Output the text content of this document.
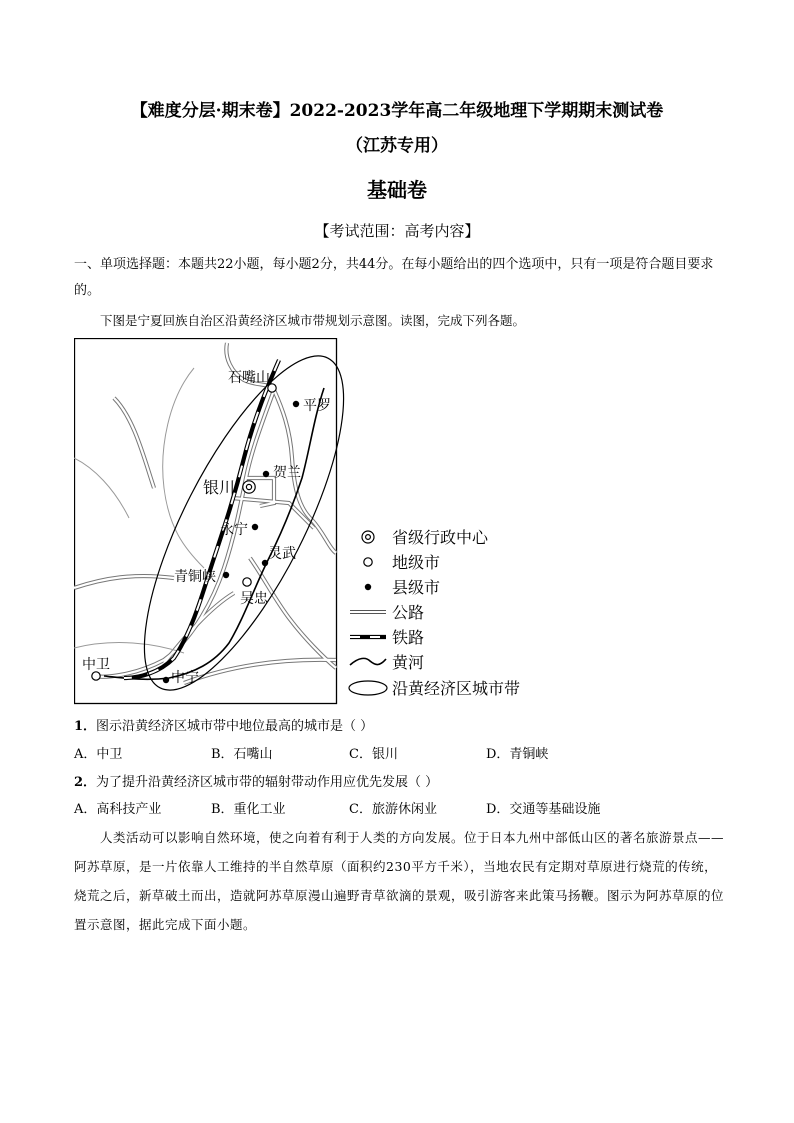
【难度分层·期末卷】2022-2023学年高二年级地理下学期期末测试卷
（江苏专用）
基础卷
【考试范围：高考内容】
一、单项选择题：本题共22小题，每小题2分，共44分。在每小题给出的四个选项中，只有一项是符合题目要求的。
下图是宁夏回族自治区沿黄经济区城市带规划示意图。读图，完成下列各题。
石嘴山
平罗
贺兰
银川
永宁
灵武
青铜峡
吴忠
中卫
中宁
省级行政中心
地级市
县级市
公路
铁路
黄河
沿黄经济区城市带
1．图示沿黄经济区城市带中地位最高的城市是（ ）
A．中卫	B．石嘴山	C．银川	D．青铜峡
2．为了提升沿黄经济区城市带的辐射带动作用应优先发展（ ）
A．高科技产业	B．重化工业	C．旅游休闲业	D．交通等基础设施
人类活动可以影响自然环境，使之向着有利于人类的方向发展。位于日本九州中部低山区的著名旅游景点——阿苏草原，是一片依靠人工维持的半自然草原（面积约230平方千米），当地农民有定期对草原进行烧荒的传统，烧荒之后，新草破土而出，造就阿苏草原漫山遍野青草欲滴的景观，吸引游客来此策马扬鞭。图示为阿苏草原的位置示意图，据此完成下面小题。
